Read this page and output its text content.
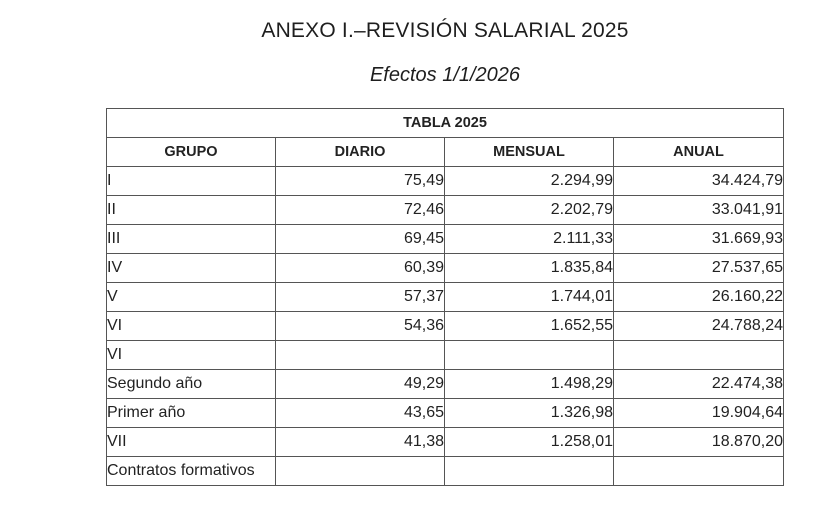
ANEXO I.–REVISIÓN SALARIAL 2025
Efectos 1/1/2026
TABLA 2025			
GRUPO	DIARIO	MENSUAL	ANUAL
I	75,49	2.294,99	34.424,79
II	72,46	2.202,79	33.041,91
III	69,45	2.111,33	31.669,93
IV	60,39	1.835,84	27.537,65
V	57,37	1.744,01	26.160,22
VI	54,36	1.652,55	24.788,24
VI			
Segundo año	49,29	1.498,29	22.474,38
Primer año	43,65	1.326,98	19.904,64
VII	41,38	1.258,01	18.870,20
Contratos formativos			
